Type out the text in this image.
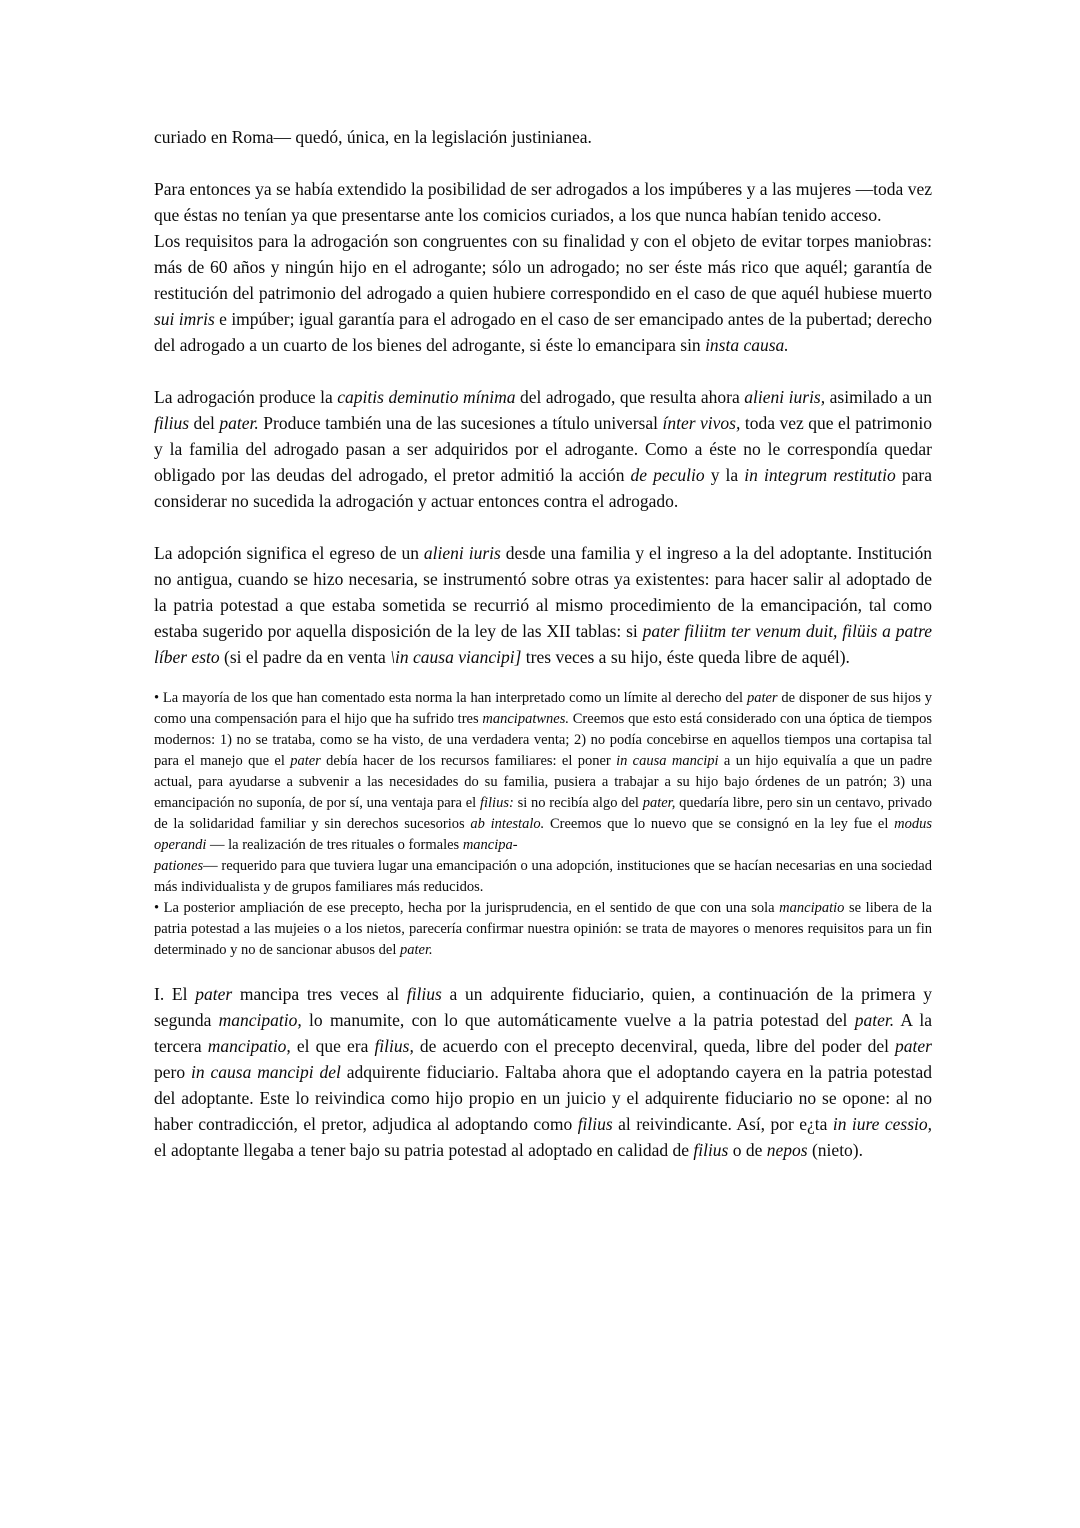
curiado en Roma— quedó, única, en la legislación justinianea.

Para entonces ya se había extendido la posibilidad de ser adrogados a los impúberes y a las mujeres —toda vez que éstas no tenían ya que presentarse ante los comicios curiados, a los que nunca habían tenido acceso.

Los requisitos para la adrogación son congruentes con su finalidad y con el objeto de evitar torpes maniobras: más de 60 años y ningún hijo en el adrogante; sólo un adrogado; no ser éste más rico que aquél; garantía de restitución del patrimonio del adrogado a quien hubiere correspondido en el caso de que aquél hubiese muerto sui imris e impúber; igual garantía para el adrogado en el caso de ser emancipado antes de la pubertad; derecho del adrogado a un cuarto de los bienes del adrogante, si éste lo emancipara sin insta causa.

La adrogación produce la capitis deminutio mínima del adrogado, que resulta ahora alieni iuris, asimilado a un filius del pater. Produce también una de las sucesiones a título universal ínter vivos, toda vez que el patrimonio y la familia del adrogado pasan a ser adquiridos por el adrogante. Como a éste no le correspondía quedar obligado por las deudas del adrogado, el pretor admitió la acción de peculio y la in integrum restitutio para considerar no sucedida la adrogación y actuar entonces contra el adrogado.

La adopción significa el egreso de un alieni iuris desde una familia y el ingreso a la del adoptante. Institución no antigua, cuando se hizo necesaria, se instrumentó sobre otras ya existentes: para hacer salir al adoptado de la patria potestad a que estaba sometida se recurrió al mismo procedimiento de la emancipación, tal como estaba sugerido por aquella disposición de la ley de las XII tablas: si pater filiitm ter venum duit, filüis a patre líber esto (si el padre da en venta \in causa viancipi] tres veces a su hijo, éste queda libre de aquél).

• La mayoría de los que han comentado esta norma la han interpretado como un límite al derecho del pater de disponer de sus hijos y como una compensación para el hijo que ha sufrido tres mancipatwnes. Creemos que esto está considerado con una óptica de tiempos modernos: 1) no se trataba, como se ha visto, de una verdadera venta; 2) no podía concebirse en aquellos tiempos una cortapisa tal para el manejo que el pater debía hacer de los recursos familiares: el poner in causa mancipi a un hijo equivalía a que un padre actual, para ayudarse a subvenir a las necesidades do su familia, pusiera a trabajar a su hijo bajo órdenes de un patrón; 3) una emancipación no suponía, de por sí, una ventaja para el filius: si no recibía algo del pater, quedaría libre, pero sin un centavo, privado de la solidaridad familiar y sin derechos sucesorios ab intestalo. Creemos que lo nuevo que se consignó en la ley fue el modus operandi — la realización de tres rituales o formales mancipa-
pationes— requerido para que tuviera lugar una emancipación o una adopción, instituciones que se hacían necesarias en una sociedad más individualista y de grupos familiares más reducidos.

• La posterior ampliación de ese precepto, hecha por la jurisprudencia, en el sentido de que con una sola mancipatio se libera de la patria potestad a las mujeies o a los nietos, parecería confirmar nuestra opinión: se trata de mayores o menores requisitos para un fin determinado y no de sancionar abusos del pater.

I. El pater mancipa tres veces al filius a un adquirente fiduciario, quien, a continuación de la primera y segunda mancipatio, lo manumite, con lo que automáticamente vuelve a la patria potestad del pater. A la tercera mancipatio, el que era filius, de acuerdo con el precepto decenviral, queda, libre del poder del pater pero in causa mancipi del adquirente fiduciario. Faltaba ahora que el adoptando cayera en la patria potestad del adoptante. Este lo reivindica como hijo propio en un juicio y el adquirente fiduciario no se opone: al no haber contradicción, el pretor, adjudica al adoptando como filius al reivindicante. Así, por e¿ta in iure cessio, el adoptante llegaba a tener bajo su patria potestad al adoptado en calidad de filius o de nepos (nieto).
